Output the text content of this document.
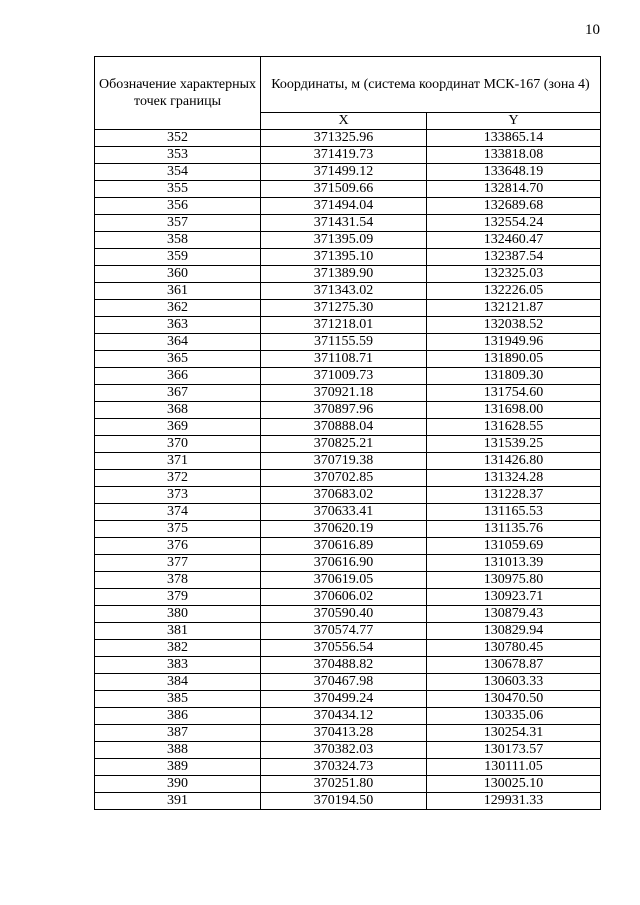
10
Обозначение характерных точек границы	Координаты, м (система координат МСК-167 (зона 4)	
	X	Y
352	371325.96	133865.14
353	371419.73	133818.08
354	371499.12	133648.19
355	371509.66	132814.70
356	371494.04	132689.68
357	371431.54	132554.24
358	371395.09	132460.47
359	371395.10	132387.54
360	371389.90	132325.03
361	371343.02	132226.05
362	371275.30	132121.87
363	371218.01	132038.52
364	371155.59	131949.96
365	371108.71	131890.05
366	371009.73	131809.30
367	370921.18	131754.60
368	370897.96	131698.00
369	370888.04	131628.55
370	370825.21	131539.25
371	370719.38	131426.80
372	370702.85	131324.28
373	370683.02	131228.37
374	370633.41	131165.53
375	370620.19	131135.76
376	370616.89	131059.69
377	370616.90	131013.39
378	370619.05	130975.80
379	370606.02	130923.71
380	370590.40	130879.43
381	370574.77	130829.94
382	370556.54	130780.45
383	370488.82	130678.87
384	370467.98	130603.33
385	370499.24	130470.50
386	370434.12	130335.06
387	370413.28	130254.31
388	370382.03	130173.57
389	370324.73	130111.05
390	370251.80	130025.10
391	370194.50	129931.33
